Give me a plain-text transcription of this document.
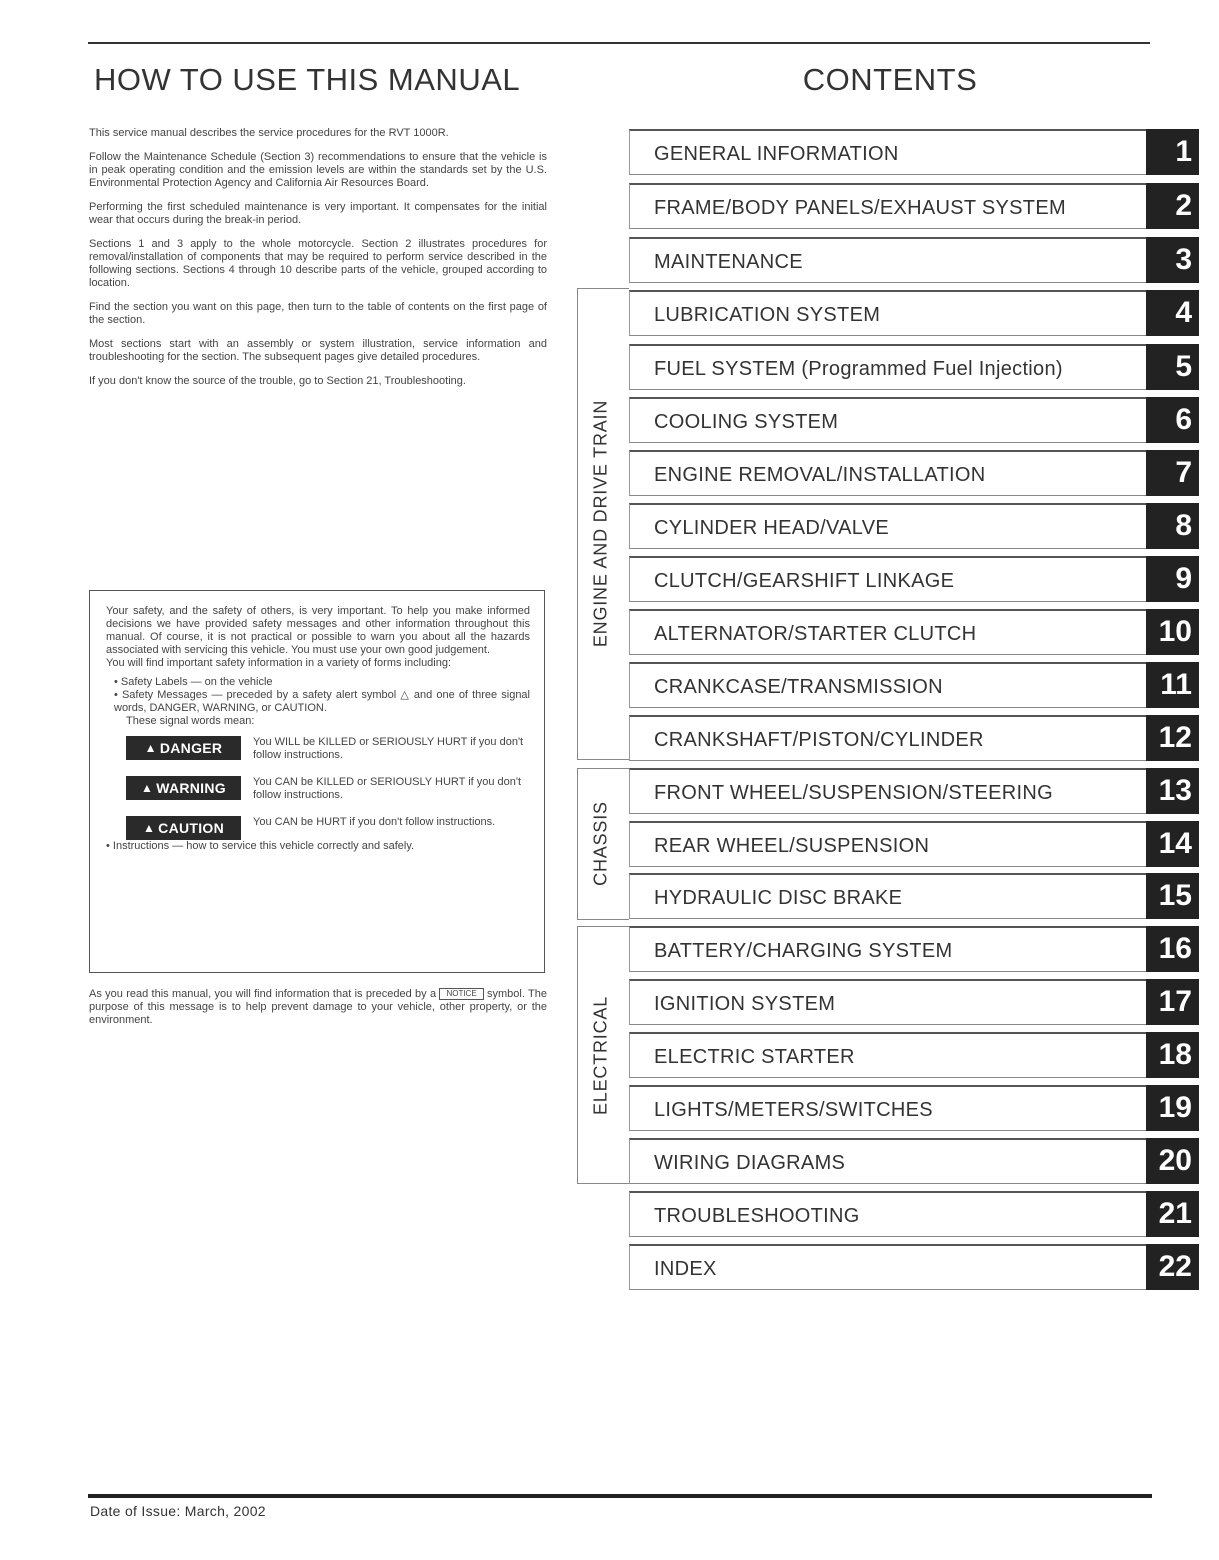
HOW TO USE THIS MANUAL	CONTENTS

This service manual describes the service procedures for the RVT 1000R.

Follow the Maintenance Schedule (Section 3) recommendations to ensure that the vehicle is in peak operating condition and the emission levels are within the standards set by the U.S. Environmental Protection Agency and California Air Resources Board.

Performing the first scheduled maintenance is very important. It compensates for the initial wear that occurs during the break-in period.

Sections 1 and 3 apply to the whole motorcycle. Section 2 illustrates procedures for removal/installation of components that may be required to perform service described in the following sections. Sections 4 through 10 describe parts of the vehicle, grouped according to location.

Find the section you want on this page, then turn to the table of contents on the first page of the section.

Most sections start with an assembly or system illustration, service information and troubleshooting for the section. The subsequent pages give detailed procedures.

If you don't know the source of the trouble, go to Section 21, Troubleshooting.

Your safety, and the safety of others, is very important. To help you make informed decisions we have provided safety messages and other information throughout this manual. Of course, it is not practical or possible to warn you about all the hazards associated with servicing this vehicle. You must use your own good judgement.

You will find important safety information in a variety of forms including:

• Safety Labels — on the vehicle

• Safety Messages — preceded by a safety alert symbol △ and one of three signal words, DANGER, WARNING, or CAUTION.

These signal words mean:

▲ DANGER	You WILL be KILLED or SERIOUSLY HURT if you don't follow instructions.
▲ WARNING You CAN be KILLED or SERIOUSLY HURT if you don't follow instructions.
▲ CAUTION	You CAN be HURT if you don't follow instructions.

• Instructions — how to service this vehicle correctly and safely.

As you read this manual, you will find information that is preceded by a NOTICE symbol. The purpose of this message is to help prevent damage to your vehicle, other property, or the environment.
ENGINE AND DRIVE TRAIN
CHASSIS
ELECTRICAL
GENERAL INFORMATION	1
FRAME/BODY PANELS/EXHAUST SYSTEM	2
MAINTENANCE	3
LUBRICATION SYSTEM	4
FUEL SYSTEM (Programmed Fuel Injection)	5
COOLING SYSTEM	6
ENGINE REMOVAL/INSTALLATION	7
CYLINDER HEAD/VALVE	8
CLUTCH/GEARSHIFT LINKAGE	9
ALTERNATOR/STARTER CLUTCH	10
CRANKCASE/TRANSMISSION	11
CRANKSHAFT/PISTON/CYLINDER	12
FRONT WHEEL/SUSPENSION/STEERING	13
REAR WHEEL/SUSPENSION	14
HYDRAULIC DISC BRAKE	15
BATTERY/CHARGING SYSTEM	16
IGNITION SYSTEM	17
ELECTRIC STARTER	18
LIGHTS/METERS/SWITCHES	19
WIRING DIAGRAMS	20
TROUBLESHOOTING	21
INDEX	22
Date of Issue: March, 2002
